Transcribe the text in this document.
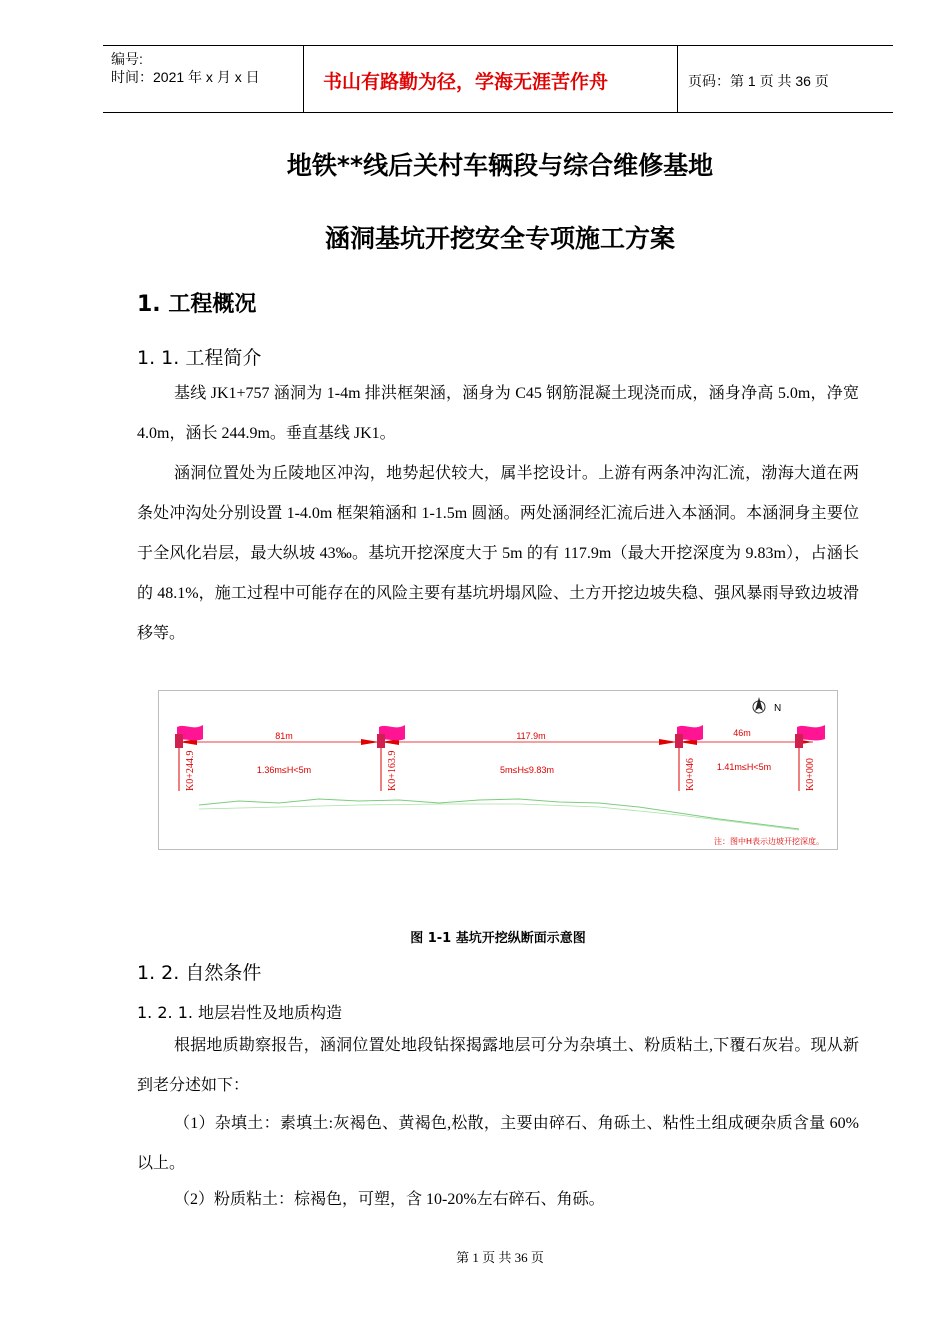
编号:
时间：2021 年 x 月 x 日	书山有路勤为径，学海无涯苦作舟	页码：第 1 页 共 36 页
地铁**线后关村车辆段与综合维修基地
涵洞基坑开挖安全专项施工方案
1. 工程概况
1. 1. 工程简介

基线 JK1+757 涵洞为 1-4m 排洪框架涵，涵身为 C45 钢筋混凝土现浇而成，涵身净高 5.0m，净宽 4.0m，涵长 244.9m。垂直基线 JK1。

涵洞位置处为丘陵地区冲沟，地势起伏较大，属半挖设计。上游有两条冲沟汇流，渤海大道在两条处冲沟处分别设置 1-4.0m 框架箱涵和 1-1.5m 圆涵。两处涵洞经汇流后进入本涵洞。本涵洞身主要位于全风化岩层，最大纵坡 43‰。基坑开挖深度大于 5m 的有 117.9m（最大开挖深度为 9.83m），占涵长的 48.1%，施工过程中可能存在的风险主要有基坑坍塌风险、土方开挖边坡失稳、强风暴雨导致边坡滑移等。

N
K0+244.9	K0+163.9	K0+046	K0+000
81m	117.9m	46m
1.36m≤H<5m	5m≤H≤9.83m	1.41m≤H<5m
注：图中H表示边坡开挖深度。
图 1-1 基坑开挖纵断面示意图
1. 2. 自然条件
1. 2. 1. 地层岩性及地质构造

根据地质勘察报告，涵洞位置处地段钻探揭露地层可分为杂填土、粉质粘土,下覆石灰岩。现从新到老分述如下：

（1）杂填土：素填土:灰褐色、黄褐色,松散，主要由碎石、角砾土、粘性土组成硬杂质含量 60%以上。

（2）粉质粘土：棕褐色，可塑，含 10-20%左右碎石、角砾。

第 1 页 共 36 页
